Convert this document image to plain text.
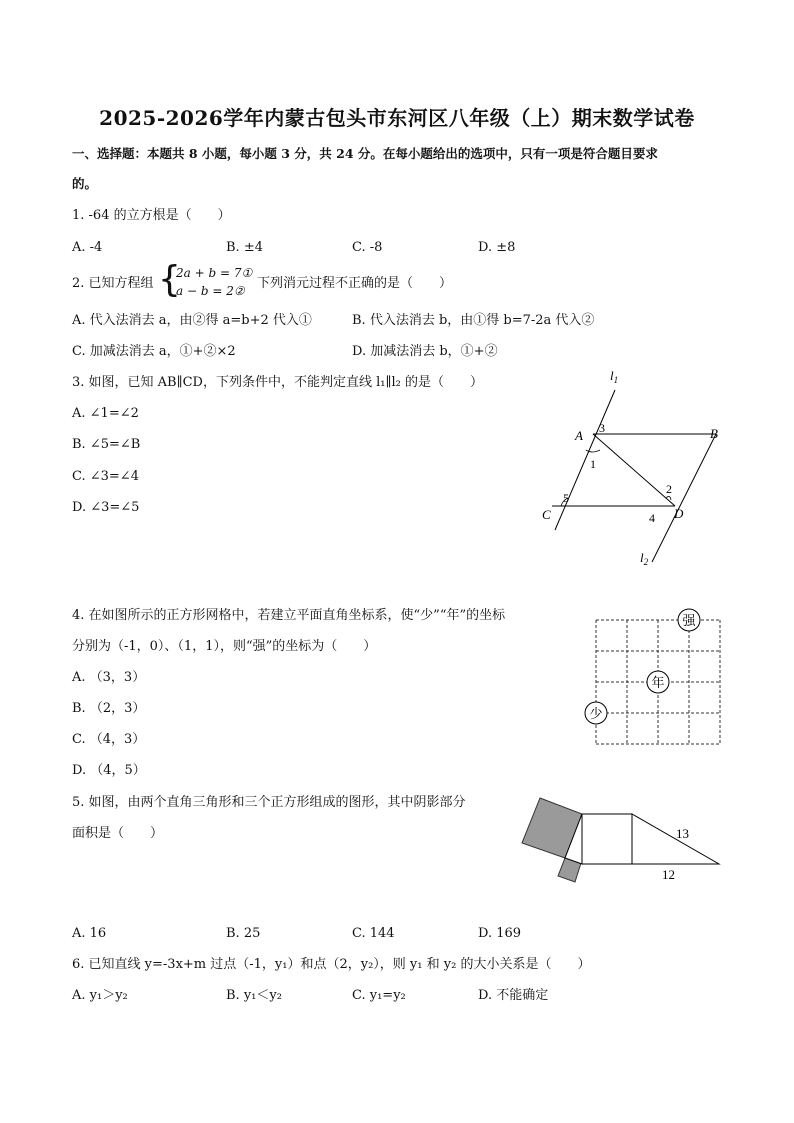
2025-2026学年内蒙古包头市东河区八年级（上）期末数学试卷
一、选择题：本题共 8 小题，每小题 3 分，共 24 分。在每小题给出的选项中，只有一项是符合题目要求
的。
1. -64 的立方根是（　　）
A. -4	B. ±4	C. -8	D. ±8
2. 已知方程组 {
2a + b = 7①
a − b = 2② 下列消元过程不正确的是（　　）
A. 代入法消去 a，由②得 a=b+2 代入①	B. 代入法消去 b，由①得 b=7-2a 代入②
C. 加减法消去 a，①+②×2	D. 加减法消去 b，①+②
3. 如图，已知 AB∥CD，下列条件中，不能判定直线 l₁∥l₂ 的是（　　）
A. ∠1=∠2
B. ∠5=∠B
C. ∠3=∠4
D. ∠3=∠5
$l_1$
$l_2$
A	B
C	D
1
2
3
4
5
4. 在如图所示的正方形网格中，若建立平面直角坐标系，使“少”“年”的坐标
分别为（-1，0）、（1，1），则“强”的坐标为（　　）
A. （3，3）
B. （2，3）
C. （4，3）
D. （4，5）
强
年
少
5. 如图，由两个直角三角形和三个正方形组成的图形，其中阴影部分
面积是（　　）
A. 16	B. 25	C. 144	D. 169
13
12
6. 已知直线 y=-3x+m 过点（-1，y₁）和点（2，y₂），则 y₁ 和 y₂ 的大小关系是（　　）
A. y₁＞y₂	B. y₁＜y₂	C. y₁=y₂	D. 不能确定
